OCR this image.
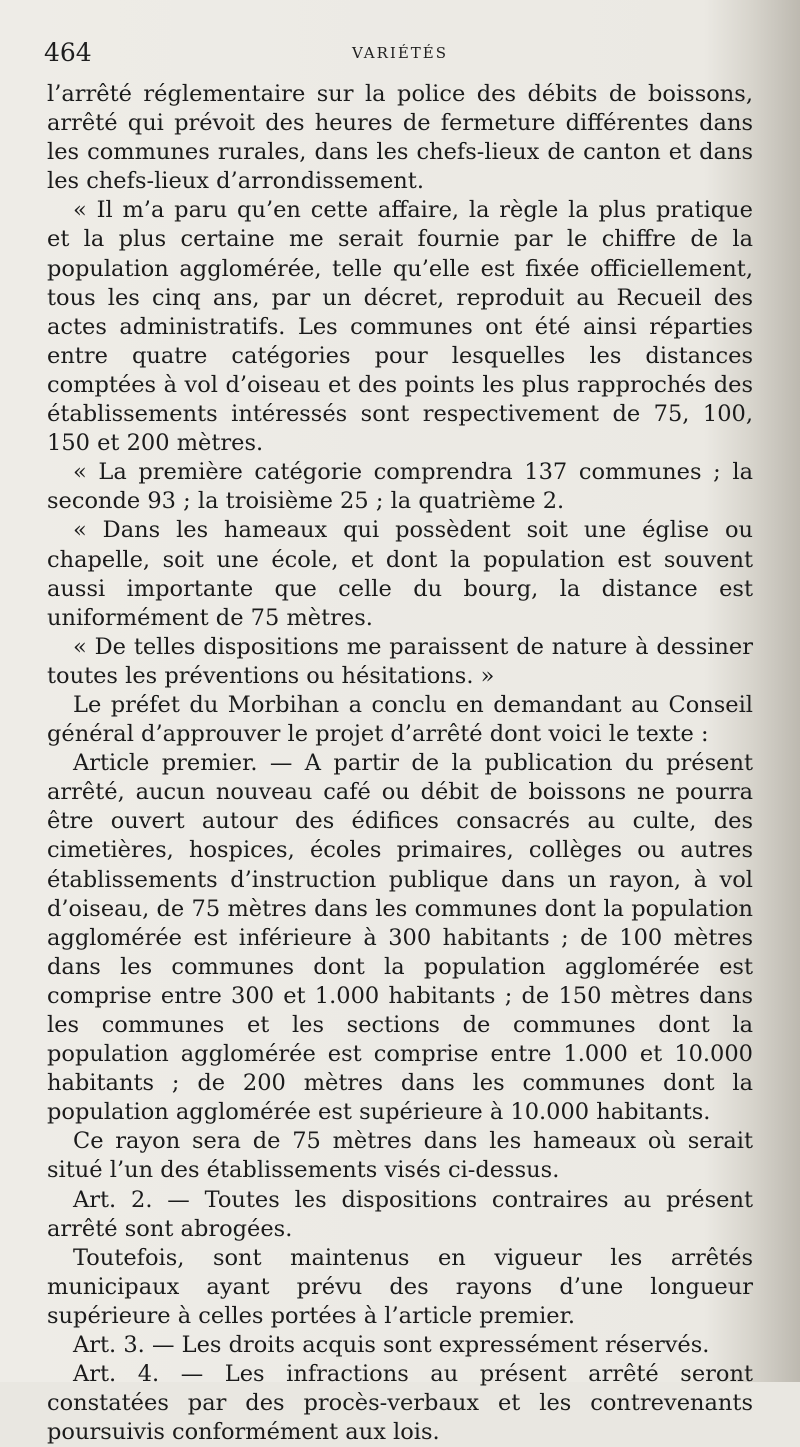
464	VARIÉTÉS

l’arrêté réglementaire sur la police des débits de boissons, arrêté qui prévoit des heures de fermeture différentes dans les communes rurales, dans les chefs-lieux de canton et dans les chefs-lieux d’arrondissement.

« Il m’a paru qu’en cette affaire, la règle la plus pratique et la plus certaine me serait fournie par le chiffre de la population agglomérée, telle qu’elle est fixée officiellement, tous les cinq ans, par un décret, reproduit au Recueil des actes administratifs. Les communes ont été ainsi réparties entre quatre catégories pour lesquelles les distances comptées à vol d’oiseau et des points les plus rapprochés des établissements intéressés sont respectivement de 75, 100, 150 et 200 mètres.

« La première catégorie comprendra 137 communes ; la seconde 93 ; la troisième 25 ; la quatrième 2.

« Dans les hameaux qui possèdent soit une église ou chapelle, soit une école, et dont la population est souvent aussi importante que celle du bourg, la distance est uniformément de 75 mètres.

« De telles dispositions me paraissent de nature à dessiner toutes les préventions ou hésitations. »

Le préfet du Morbihan a conclu en demandant au Conseil général d’approuver le projet d’arrêté dont voici le texte :

Article premier. — A partir de la publication du présent arrêté, aucun nouveau café ou débit de boissons ne pourra être ouvert autour des édifices consacrés au culte, des cimetières, hospices, écoles primaires, collèges ou autres établissements d’instruction publique dans un rayon, à vol d’oiseau, de 75 mètres dans les communes dont la population agglomérée est inférieure à 300 habitants ; de 100 mètres dans les communes dont la population agglomérée est comprise entre 300 et 1.000 habitants ; de 150 mètres dans les communes et les sections de communes dont la population agglomérée est comprise entre 1.000 et 10.000 habitants ; de 200 mètres dans les communes dont la population agglomérée est supérieure à 10.000 habitants.

Ce rayon sera de 75 mètres dans les hameaux où serait situé l’un des établissements visés ci-dessus.

Art. 2. — Toutes les dispositions contraires au présent arrêté sont abrogées.

Toutefois, sont maintenus en vigueur les arrêtés municipaux ayant prévu des rayons d’une longueur supérieure à celles portées à l’article premier.

Art. 3. — Les droits acquis sont expressément réservés.

Art. 4. — Les infractions au présent arrêté seront constatées par des procès-verbaux et les contrevenants poursuivis conformément aux lois.
